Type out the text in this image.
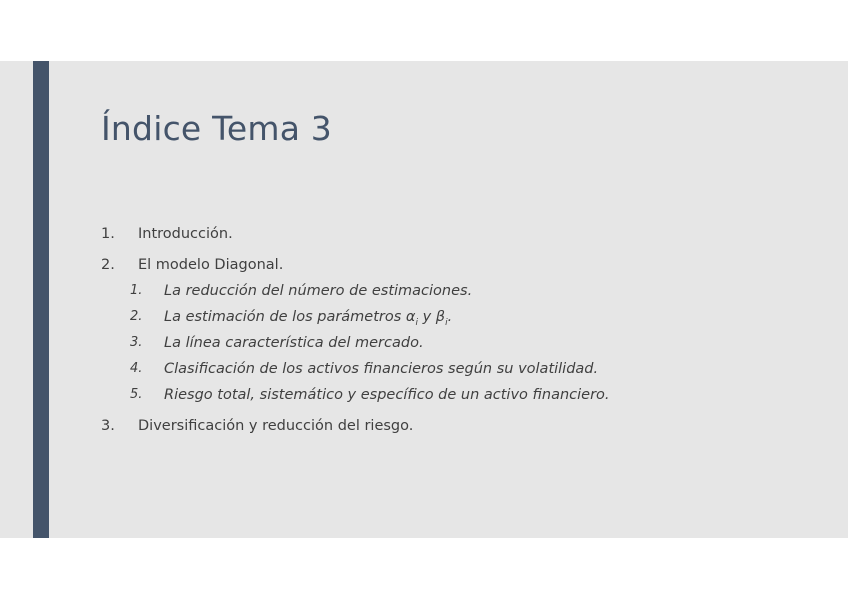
Índice Tema 3
1.	Introducción.
2.	El modelo Diagonal.
1. La reducción del número de estimaciones.
2. La estimación de los parámetros $\alpha_i$ y $\beta_i$.
3. La línea característica del mercado.
4. Clasificación de los activos financieros según su volatilidad.
5. Riesgo total, sistemático y específico de un activo financiero.
3.	Diversificación y reducción del riesgo.
